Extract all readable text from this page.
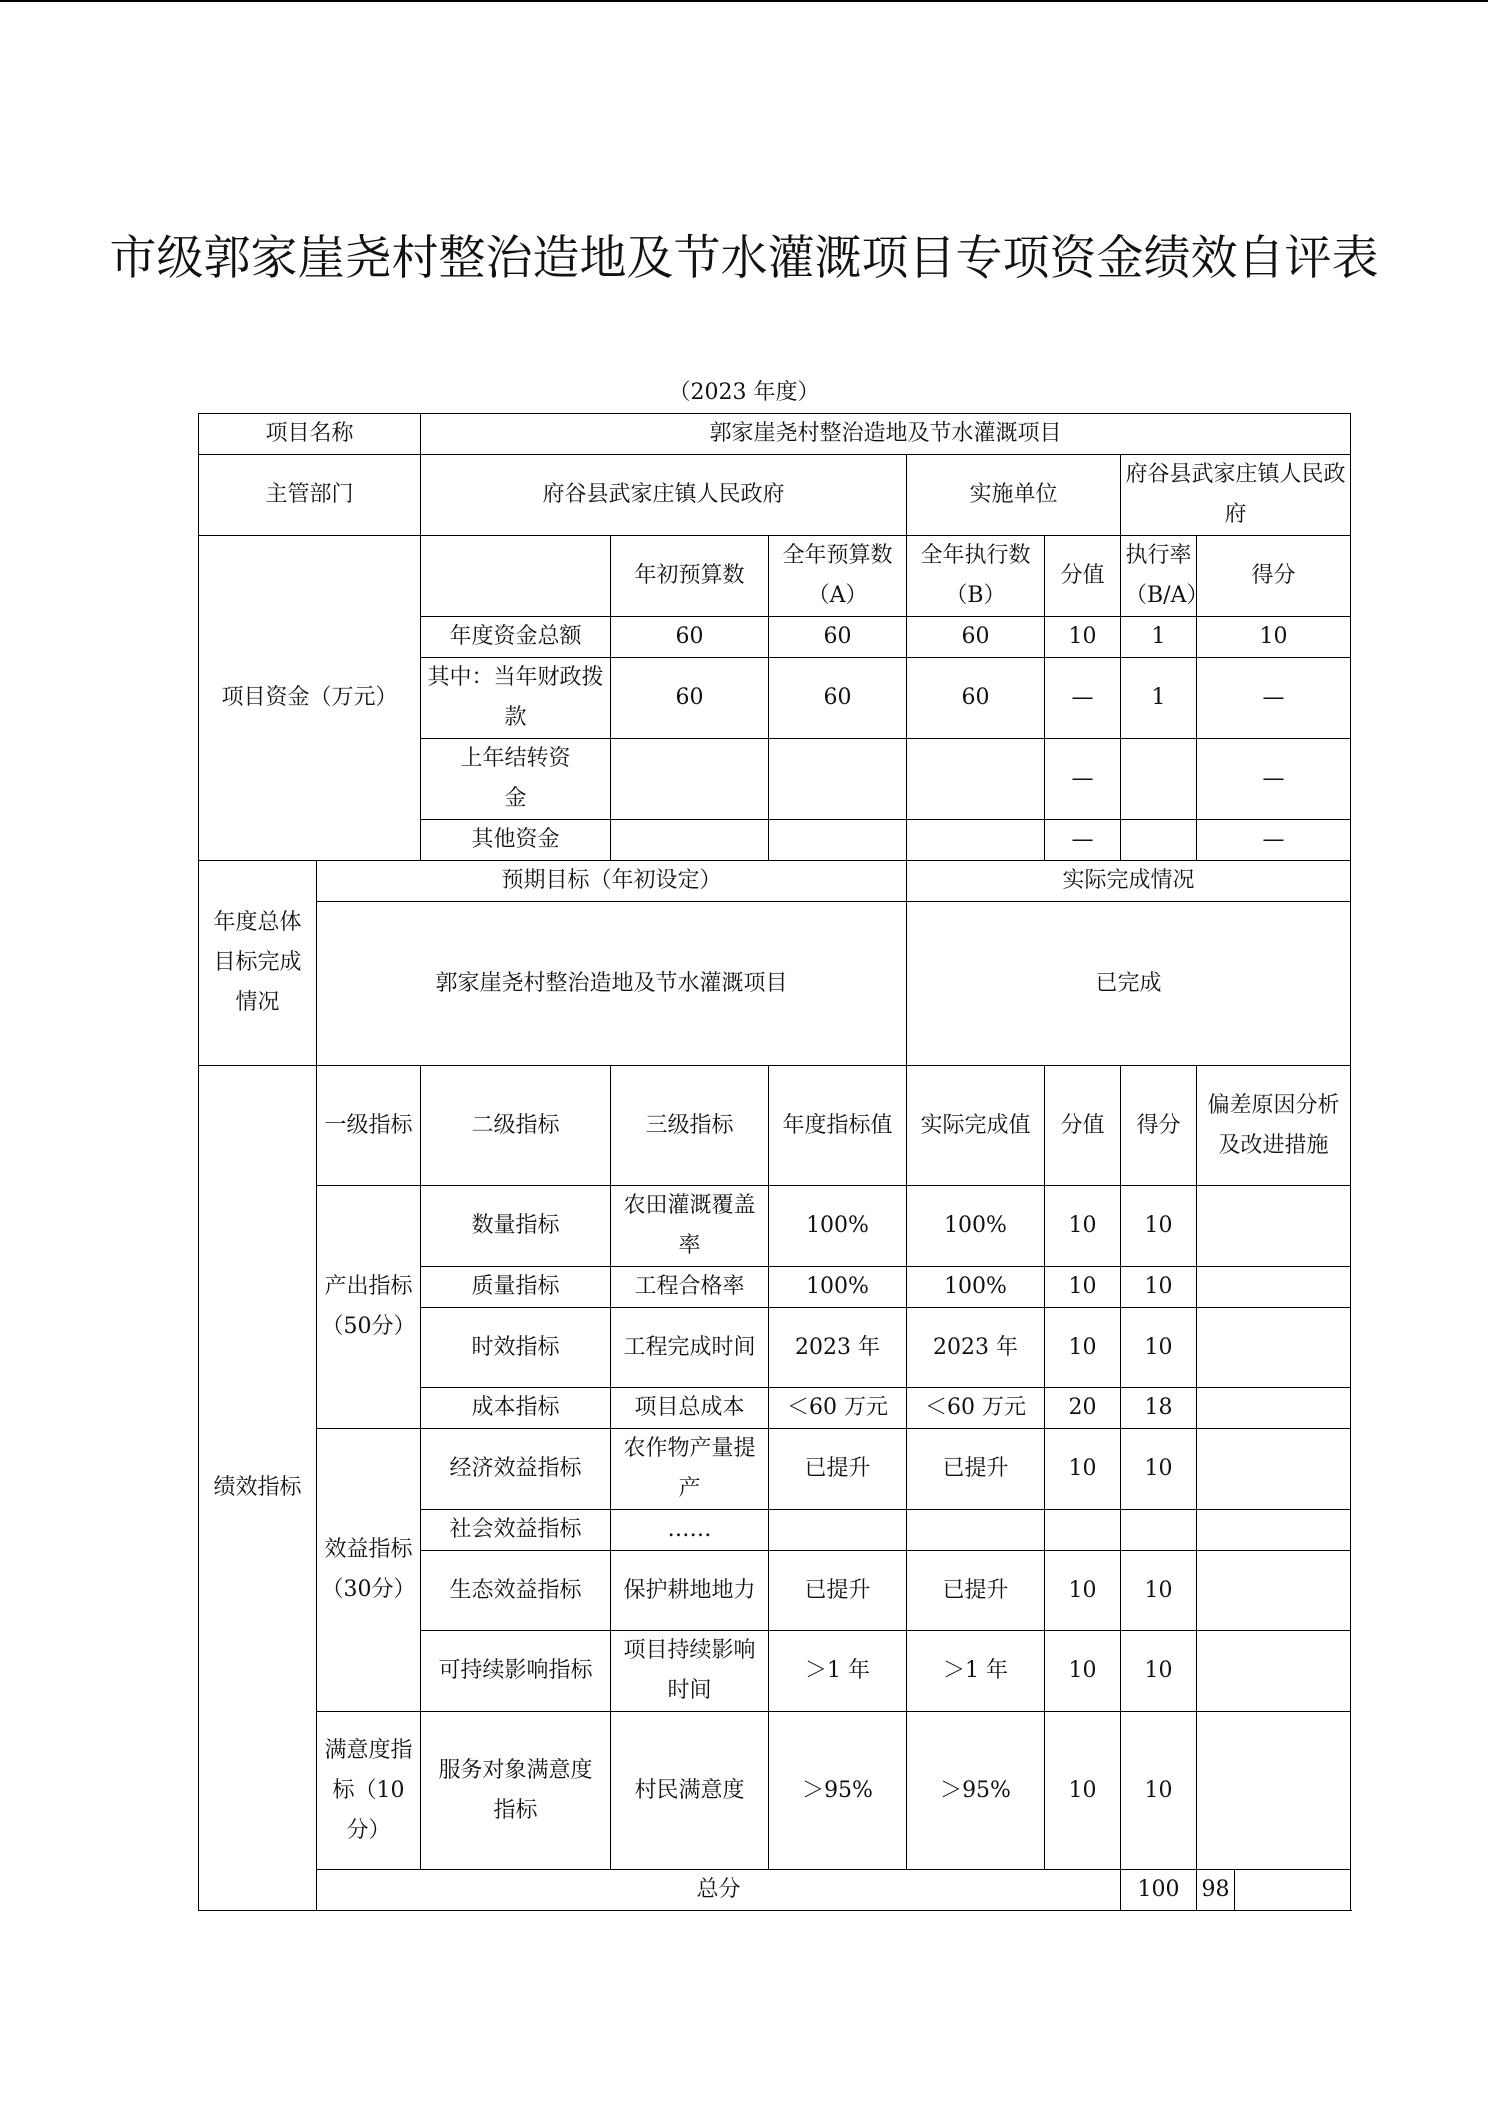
市级郭家崖尧村整治造地及节水灌溉项目专项资金绩效自评表
（2023 年度）
项目名称		郭家崖尧村整治造地及节水灌溉项目							
主管部门		府谷县武家庄镇人民政府			实施单位		府谷县武家庄镇人民政府		
项目资金（万元）			年初预算数	全年预算数（A）	全年执行数（B）	分值	执行率（B/A）	得分	
		年度资金总额	60	60	60	10	1	10	
		其中：当年财政拨款	60	60	60	—	1	—	
		上年结转资金				—		—	
		其他资金				—		—	
年度总体目标完成情况	预期目标（年初设定）				实际完成情况				
	郭家崖尧村整治造地及节水灌溉项目				已完成				
绩效指标	一级指标	二级指标	三级指标	年度指标值	实际完成值	分值	得分	偏差原因分析及改进措施	
	产出指标（50分）	数量指标	农田灌溉覆盖率	100%	100%	10	10		
		质量指标	工程合格率	100%	100%	10	10		
		时效指标	工程完成时间	2023 年	2023 年	10	10		
		成本指标	项目总成本	＜60 万元	＜60 万元	20	18		
	效益指标（30分）	经济效益指标	农作物产量提产	已提升	已提升	10	10		
		社会效益指标	……						
		生态效益指标	保护耕地地力	已提升	已提升	10	10		
		可持续影响指标	项目持续影响时间	＞1 年	＞1 年	10	10		
	满意度指标（10分）	服务对象满意度指标	村民满意度	＞95%	＞95%	10	10		
	总分						100	98	
